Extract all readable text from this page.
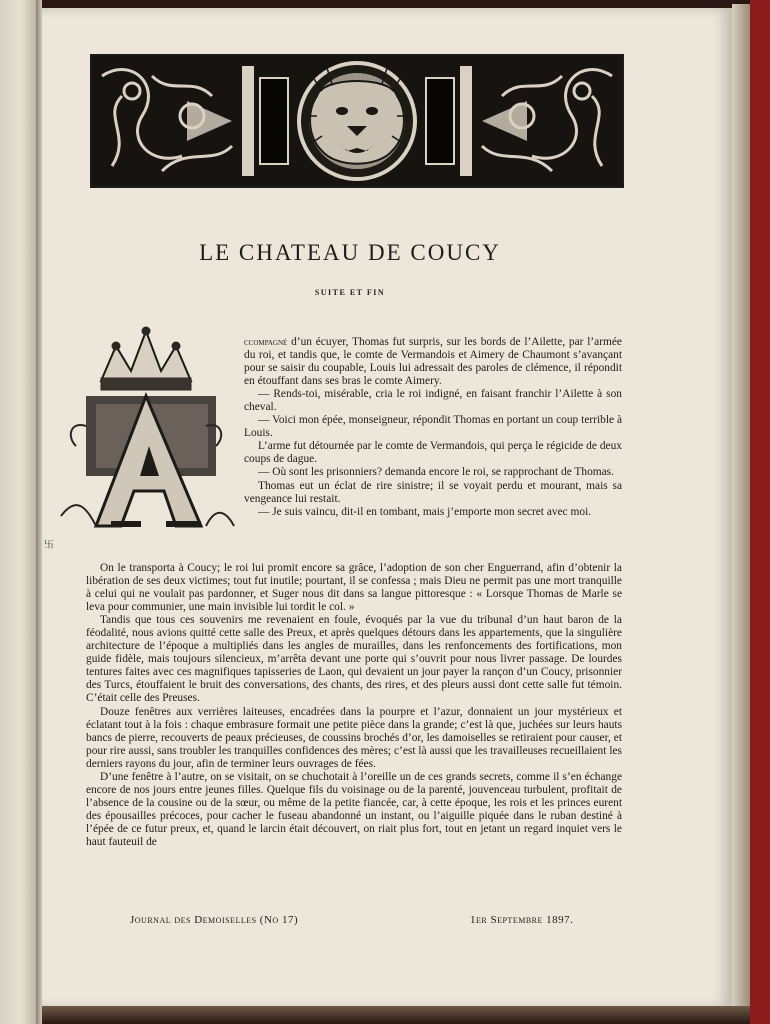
LE CHATEAU DE COUCY
SUITE ET FIN
卐

ccompagné d’un écuyer, Thomas fut surpris, sur les bords de l’Ailette, par l’armée du roi, et tandis que, le comte de Vermandois et Aimery de Chaumont s’avançant pour se saisir du coupable, Louis lui adressait des paroles de clémence, il répondit en étouffant dans ses bras le comte Aimery.

— Rends-toi, misérable, cria le roi indigné, en faisant franchir l’Ailette à son cheval.

— Voici mon épée, monseigneur, répondit Thomas en portant un coup terrible à Louis.

L’arme fut détournée par le comte de Vermandois, qui perça le régicide de deux coups de dague.

— Où sont les prisonniers? demanda encore le roi, se rapprochant de Thomas.

Thomas eut un éclat de rire sinistre; il se voyait perdu et mourant, mais sa vengeance lui restait.

— Je suis vaincu, dit-il en tombant, mais j’emporte mon secret avec moi.

On le transporta à Coucy; le roi lui promit encore sa grâce, l’adoption de son cher Enguerrand, afin d’obtenir la libération de ses deux victimes; tout fut inutile; pourtant, il se confessa ; mais Dieu ne permit pas une mort tranquille à celui qui ne voulait pas pardonner, et Suger nous dit dans sa langue pittoresque : « Lorsque Thomas de Marle se leva pour communier, une main invisible lui tordit le col. »

Tandis que tous ces souvenirs me revenaient en foule, évoqués par la vue du tribunal d’un haut baron de la féodalité, nous avions quitté cette salle des Preux, et après quelques détours dans les appartements, que la singulière architecture de l’époque a multipliés dans les angles de murailles, dans les renfoncements des fortifications, mon guide fidèle, mais toujours silencieux, m’arrêta devant une porte qui s’ouvrit pour nous livrer passage. De lourdes tentures faites avec ces magnifiques tapisseries de Laon, qui devaient un jour payer la rançon d’un Coucy, prisonnier des Turcs, étouffaient le bruit des conversations, des chants, des rires, et des pleurs aussi dont cette salle fut témoin. C’était celle des Preuses.

Douze fenêtres aux verrières laiteuses, encadrées dans la pourpre et l’azur, donnaient un jour mystérieux et éclatant tout à la fois : chaque embrasure formait une petite pièce dans la grande; c’est là que, juchées sur leurs hauts bancs de pierre, recouverts de peaux précieuses, de coussins brochés d’or, les damoiselles se retiraient pour causer, et pour rire aussi, sans troubler les tranquilles confidences des mères; c’est là aussi que les travailleuses recueillaient les derniers rayons du jour, afin de terminer leurs ouvrages de fées.

D’une fenêtre à l’autre, on se visitait, on se chuchotait à l’oreille un de ces grands secrets, comme il s’en échange encore de nos jours entre jeunes filles. Quelque fils du voisinage ou de la parenté, jouvenceau turbulent, profitait de l’absence de la cousine ou de la sœur, ou même de la petite fiancée, car, à cette époque, les rois et les princes eurent des épousailles précoces, pour cacher le fuseau abandonné un instant, ou l’aiguille piquée dans le ruban destiné à l’épée de ce futur preux, et, quand le larcin était découvert, on riait plus fort, tout en jetant un regard inquiet vers le haut fauteuil de

Journal des Demoiselles (No 17)	1er Septembre 1897.
